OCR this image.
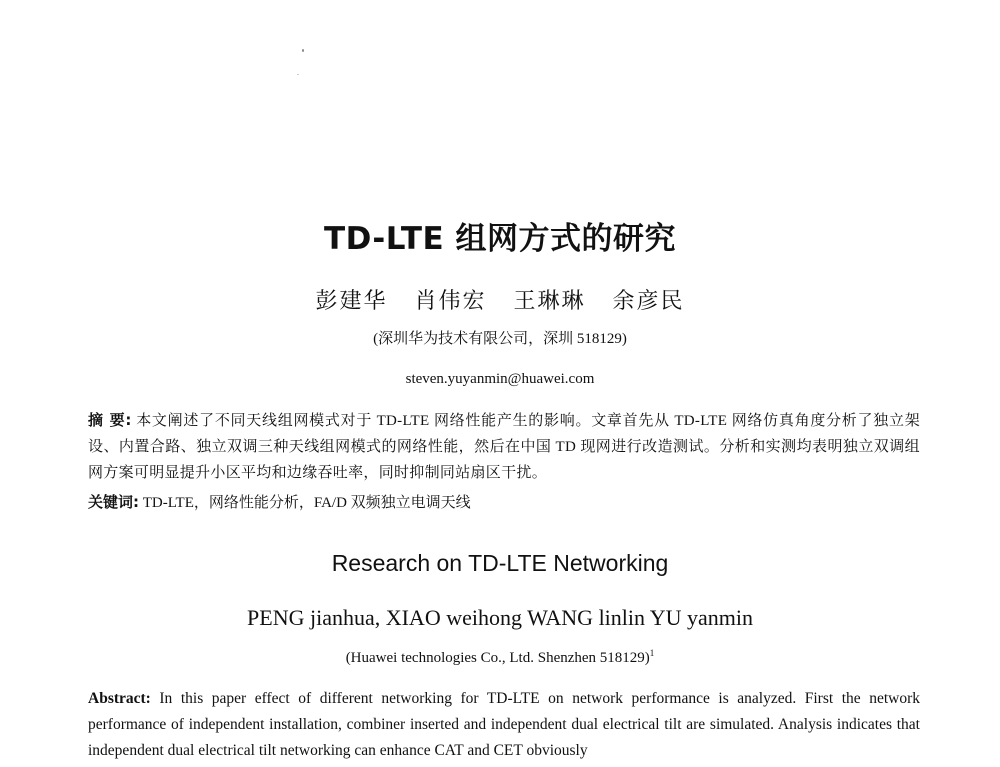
TD-LTE 组网方式的研究
彭建华 肖伟宏 王琳琳 余彦民
(深圳华为技术有限公司，深圳 518129)
steven.yuyanmin@huawei.com
摘 要: 本文阐述了不同天线组网模式对于 TD-LTE 网络性能产生的影响。文章首先从 TD-LTE 网络仿真角度分析了独立架设、内置合路、独立双调三种天线组网模式的网络性能，然后在中国 TD 现网进行改造测试。分析和实测均表明独立双调组网方案可明显提升小区平均和边缘吞吐率，同时抑制同站扇区干扰。
关键词: TD-LTE，网络性能分析，FA/D 双频独立电调天线
Research on TD-LTE Networking
PENG jianhua, XIAO weihong WANG linlin YU yanmin
(Huawei technologies Co., Ltd. Shenzhen 518129)$^1$
Abstract: In this paper effect of different networking for TD-LTE on network performance is analyzed. First the network performance of independent installation, combiner inserted and independent dual electrical tilt are simulated. Analysis indicates that independent dual electrical tilt networking can enhance CAT and CET obviously
